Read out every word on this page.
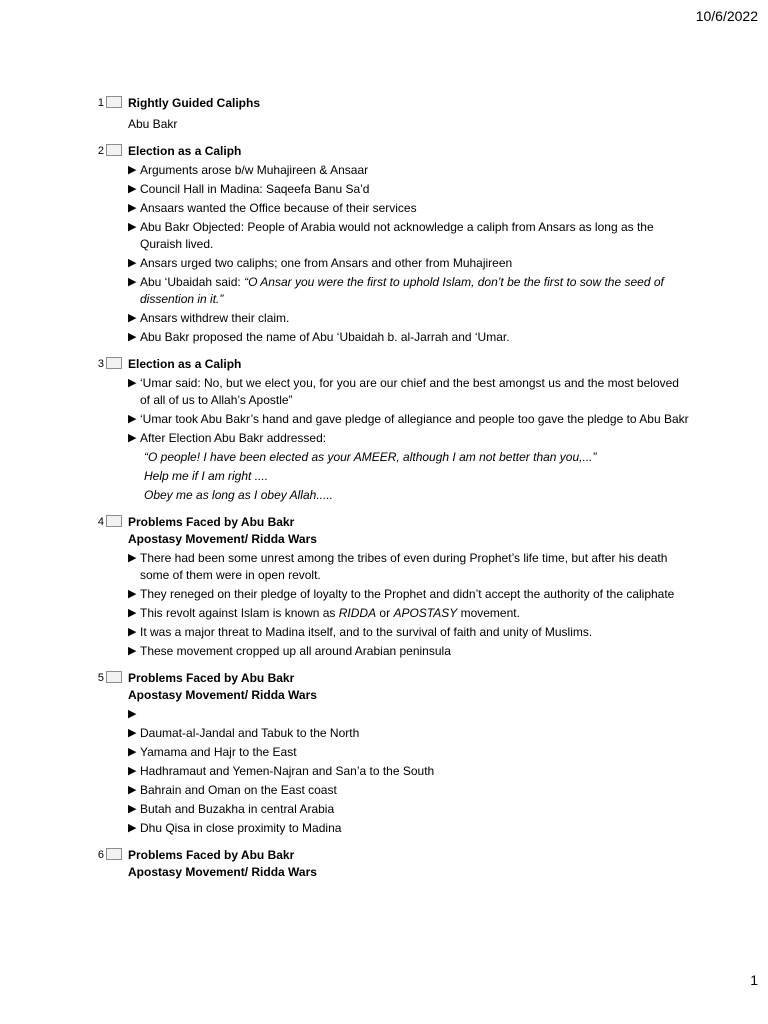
10/6/2022
1 Rightly Guided Caliphs
Abu Bakr
2 Election as a Caliph
▶ Arguments arose b/w Muhajireen & Ansaar
▶ Council Hall in Madina: Saqeefa Banu Sa’d
▶ Ansaars wanted the Office because of their services
▶ Abu Bakr Objected: People of Arabia would not acknowledge a caliph from Ansars as long as the Quraish lived.
▶ Ansars urged two caliphs; one from Ansars and other from Muhajireen
▶ Abu ‘Ubaidah said: “O Ansar you were the first to uphold Islam, don’t be the first to sow the seed of dissention in it.”
▶ Ansars withdrew their claim.
▶ Abu Bakr proposed the name of Abu ‘Ubaidah b. al-Jarrah and ‘Umar.
3 Election as a Caliph
▶ ‘Umar said: No, but we elect you, for you are our chief and the best amongst us and the most beloved of all of us to Allah’s Apostle”
▶ ‘Umar took Abu Bakr’s hand and gave pledge of allegiance and people too gave the pledge to Abu Bakr
▶ After Election Abu Bakr addressed:
“O people! I have been elected as your AMEER, although I am not better than you,...”
Help me if I am right ....
Obey me as long as I obey Allah.....
4 Problems Faced by Abu Bakr
Apostasy Movement/ Ridda Wars
▶ There had been some unrest among the tribes of even during Prophet’s life time, but after his death some of them were in open revolt.
▶ They reneged on their pledge of loyalty to the Prophet and didn’t accept the authority of the caliphate
▶ This revolt against Islam is known as RIDDA or APOSTASY movement.
▶ It was a major threat to Madina itself, and to the survival of faith and unity of Muslims.
▶ These movement cropped up all around Arabian peninsula
5 Problems Faced by Abu Bakr
Apostasy Movement/ Ridda Wars
▶

▶ Daumat-al-Jandal and Tabuk to the North
▶ Yamama and Hajr to the East
▶ Hadhramaut and Yemen-Najran and San’a to the South
▶ Bahrain and Oman on the East coast
▶ Butah and Buzakha in central Arabia
▶ Dhu Qisa in close proximity to Madina
6 Problems Faced by Abu Bakr
Apostasy Movement/ Ridda Wars
1
